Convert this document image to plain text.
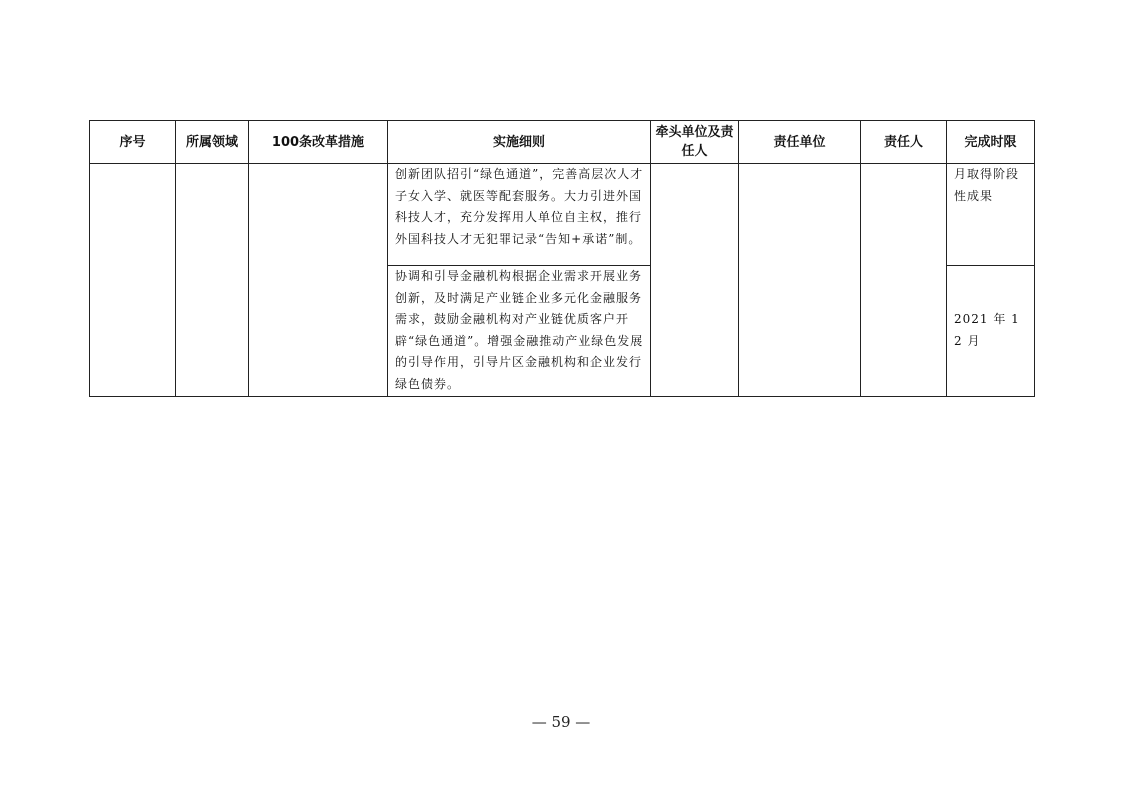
序号	所属领域	100条改革措施	实施细则	牵头单位及责任人	责任单位	责任人	完成时限

			创新团队招引“绿色通道”，完善高层次人才子女入学、就医等配套服务。大力引进外国科技人才，充分发挥用人单位自主权，推行外国科技人才无犯罪记录“告知+承诺”制。				月取得阶段性成果

			协调和引导金融机构根据企业需求开展业务创新，及时满足产业链企业多元化金融服务需求，鼓励金融机构对产业链优质客户开辟“绿色通道”。增强金融推动产业绿色发展的引导作用，引导片区金融机构和企业发行绿色债券。				2021 年 12 月
— 59 —
